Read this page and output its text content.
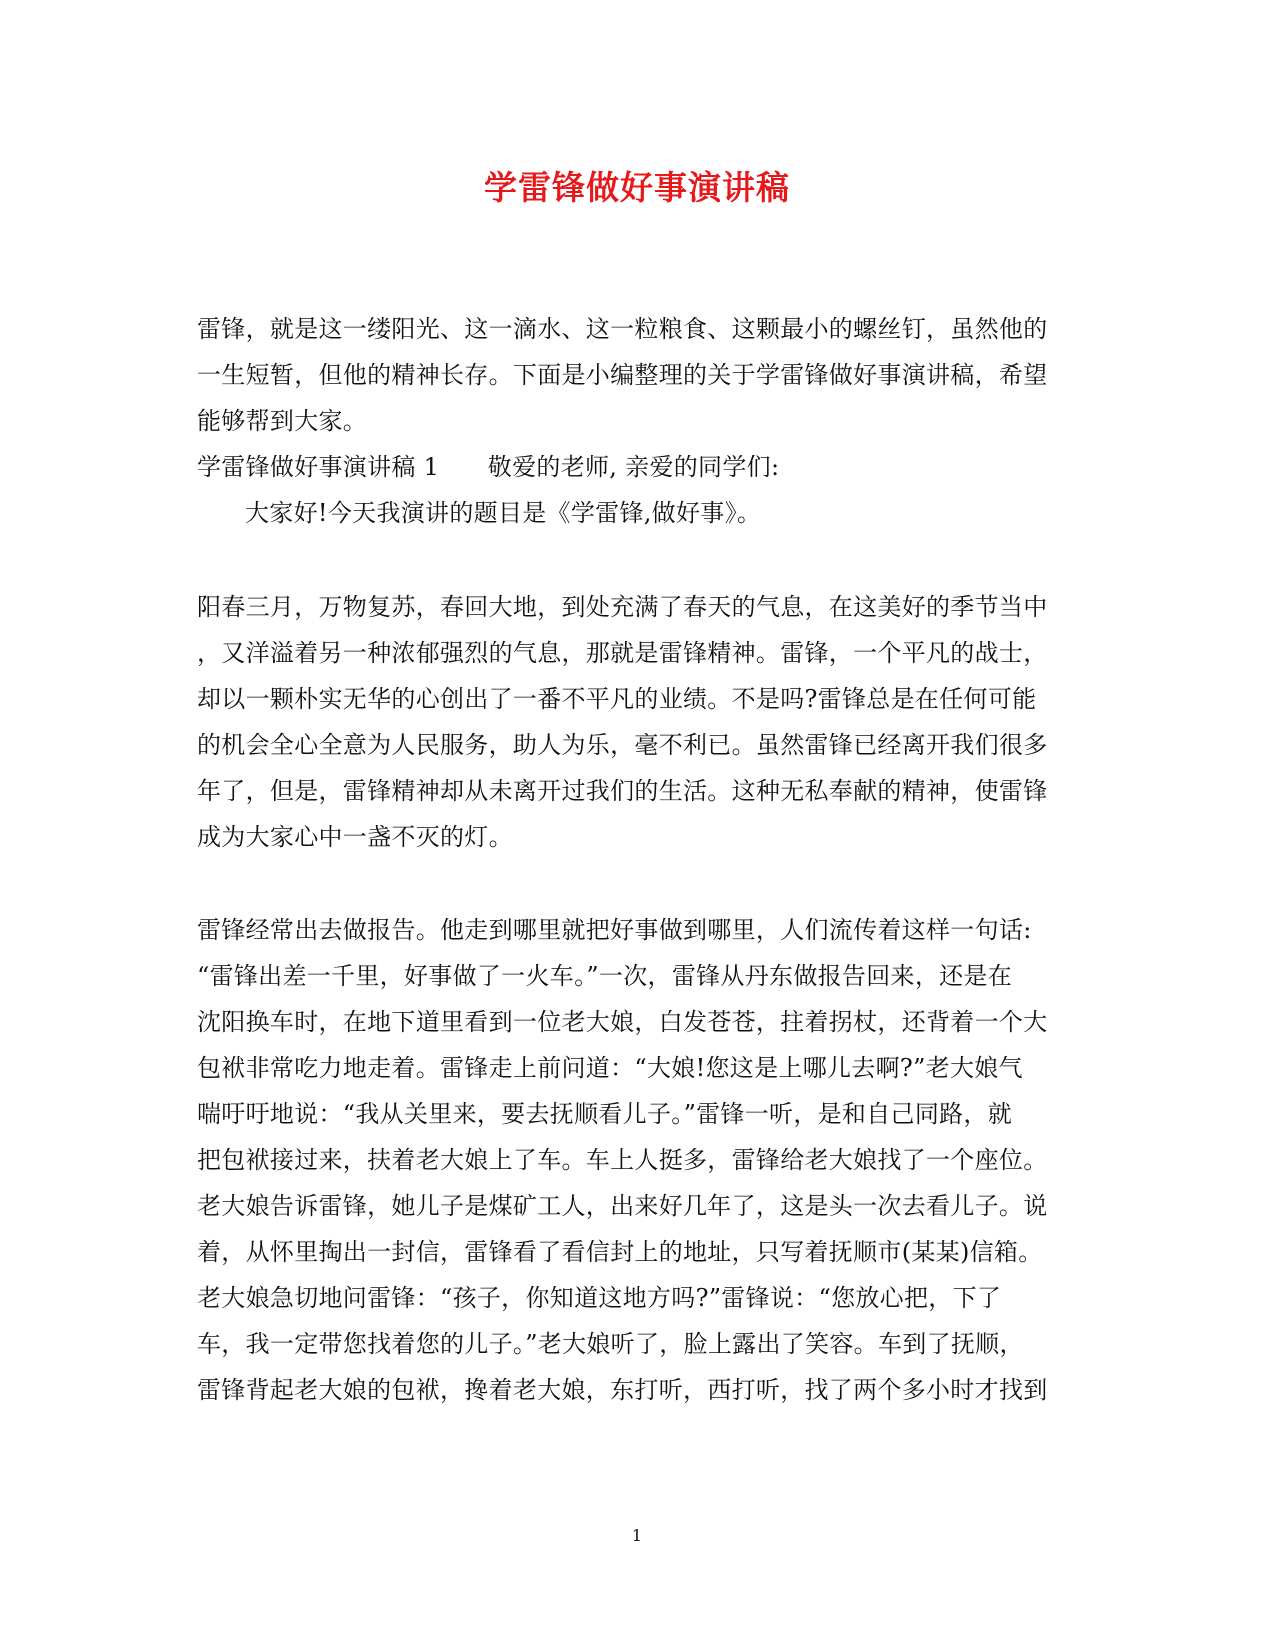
学雷锋做好事演讲稿
雷锋，就是这一缕阳光、这一滴水、这一粒粮食、这颗最小的螺丝钉，虽然他的
一生短暂，但他的精神长存。下面是小编整理的关于学雷锋做好事演讲稿，希望
能够帮到大家。
学雷锋做好事演讲稿 1　　敬爱的老师, 亲爱的同学们:
大家好!今天我演讲的题目是《学雷锋,做好事》。
阳春三月，万物复苏，春回大地，到处充满了春天的气息，在这美好的季节当中
，又洋溢着另一种浓郁强烈的气息，那就是雷锋精神。雷锋，一个平凡的战士，
却以一颗朴实无华的心创出了一番不平凡的业绩。不是吗?雷锋总是在任何可能
的机会全心全意为人民服务，助人为乐，毫不利已。虽然雷锋已经离开我们很多
年了，但是，雷锋精神却从未离开过我们的生活。这种无私奉献的精神，使雷锋
成为大家心中一盏不灭的灯。
雷锋经常出去做报告。他走到哪里就把好事做到哪里，人们流传着这样一句话:
“雷锋出差一千里，好事做了一火车。”一次，雷锋从丹东做报告回来，还是在
沈阳换车时，在地下道里看到一位老大娘，白发苍苍，拄着拐杖，还背着一个大
包袱非常吃力地走着。雷锋走上前问道：“大娘!您这是上哪儿去啊?”老大娘气
喘吁吁地说：“我从关里来，要去抚顺看儿子。”雷锋一听，是和自己同路，就
把包袱接过来，扶着老大娘上了车。车上人挺多，雷锋给老大娘找了一个座位。
老大娘告诉雷锋，她儿子是煤矿工人，出来好几年了，这是头一次去看儿子。说
着，从怀里掏出一封信，雷锋看了看信封上的地址，只写着抚顺市(某某)信箱。
老大娘急切地问雷锋：“孩子，你知道这地方吗?”雷锋说：“您放心把，下了
车，我一定带您找着您的儿子。”老大娘听了，脸上露出了笑容。车到了抚顺，
雷锋背起老大娘的包袱，搀着老大娘，东打听，西打听，找了两个多小时才找到
1
